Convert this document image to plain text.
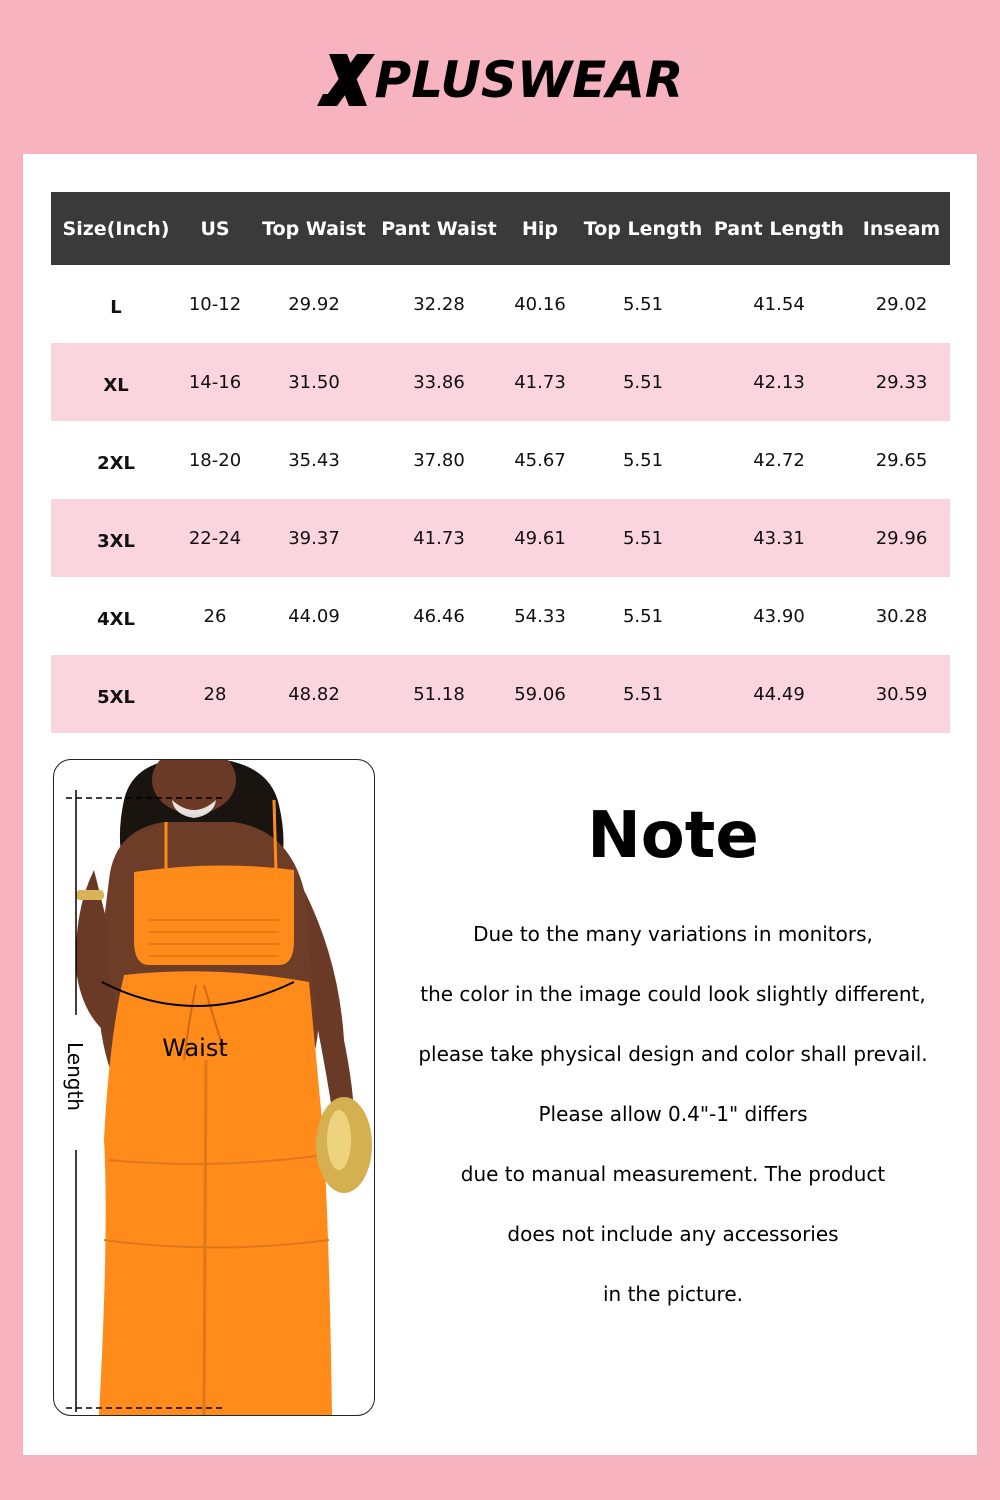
PLUSWEAR
Size(Inch)	US	Top Waist	Pant Waist	Hip	Top Length	Pant Length	Inseam
L	10-12	29.92	32.28	40.16	5.51	41.54	29.02
XL	14-16	31.50	33.86	41.73	5.51	42.13	29.33
2XL	18-20	35.43	37.80	45.67	5.51	42.72	29.65
3XL	22-24	39.37	41.73	49.61	5.51	43.31	29.96
4XL	26	44.09	46.46	54.33	5.51	43.90	30.28
5XL	28	48.82	51.18	59.06	5.51	44.49	30.59
Waist
Length
Note
Due to the many variations in monitors,
the color in the image could look slightly different,
please take physical design and color shall prevail.
Please allow 0.4"-1" differs
due to manual measurement. The product
does not include any accessories
in the picture.
